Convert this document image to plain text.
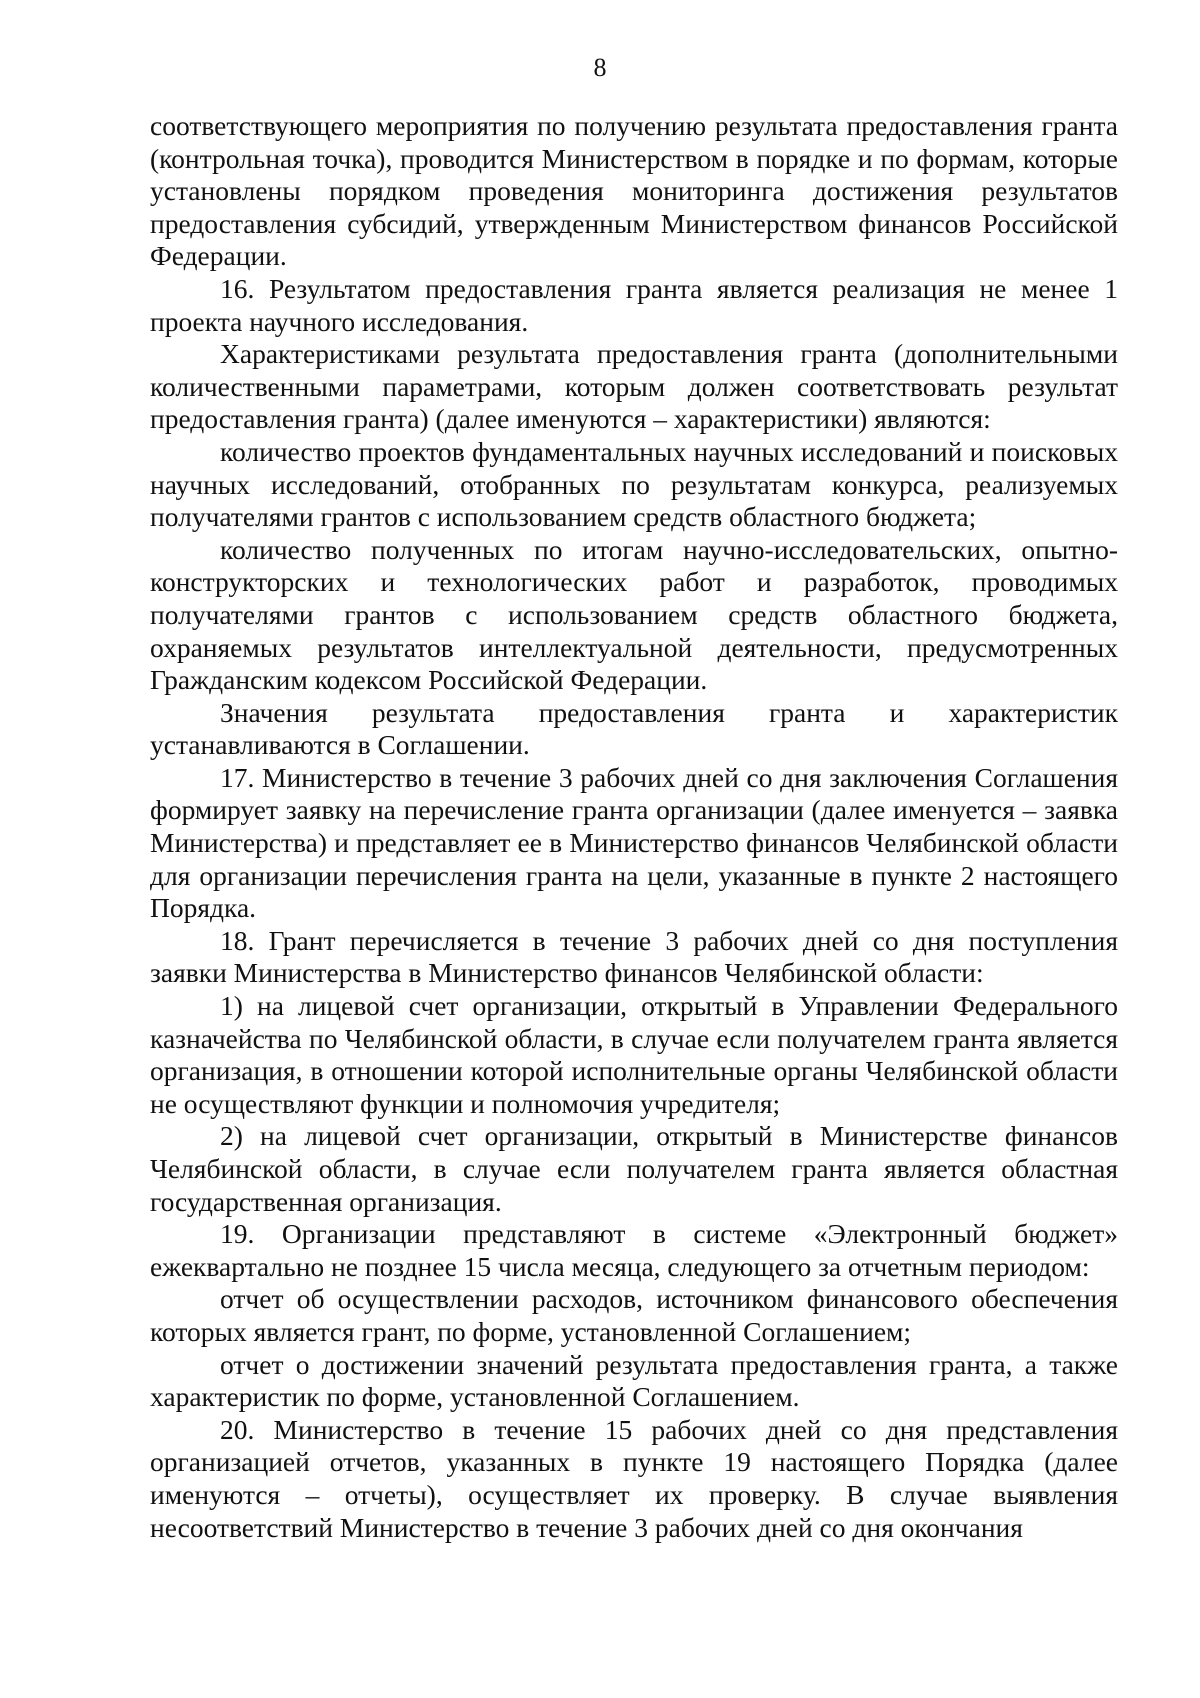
8

соответствующего мероприятия по получению результата предоставления гранта (контрольная точка), проводится Министерством в порядке и по формам, которые установлены порядком проведения мониторинга достижения результатов предоставления субсидий, утвержденным Министерством финансов Российской Федерации.

16. Результатом предоставления гранта является реализация не менее 1 проекта научного исследования.

Характеристиками результата предоставления гранта (дополнительными количественными параметрами, которым должен соответствовать результат предоставления гранта) (далее именуются – характеристики) являются:

количество проектов фундаментальных научных исследований и поисковых научных исследований, отобранных по результатам конкурса, реализуемых получателями грантов с использованием средств областного бюджета;

количество полученных по итогам научно-исследовательских, опытно-конструкторских и технологических работ и разработок, проводимых получателями грантов с использованием средств областного бюджета, охраняемых результатов интеллектуальной деятельности, предусмотренных Гражданским кодексом Российской Федерации.

Значения результата предоставления гранта и характеристик устанавливаются в Соглашении.

17. Министерство в течение 3 рабочих дней со дня заключения Соглашения формирует заявку на перечисление гранта организации (далее именуется – заявка Министерства) и представляет ее в Министерство финансов Челябинской области для организации перечисления гранта на цели, указанные в пункте 2 настоящего Порядка.

18. Грант перечисляется в течение 3 рабочих дней со дня поступления заявки Министерства в Министерство финансов Челябинской области:

1) на лицевой счет организации, открытый в Управлении Федерального казначейства по Челябинской области, в случае если получателем гранта является организация, в отношении которой исполнительные органы Челябинской области не осуществляют функции и полномочия учредителя;

2) на лицевой счет организации, открытый в Министерстве финансов Челябинской области, в случае если получателем гранта является областная государственная организация.

19. Организации представляют в системе «Электронный бюджет» ежеквартально не позднее 15 числа месяца, следующего за отчетным периодом:

отчет об осуществлении расходов, источником финансового обеспечения которых является грант, по форме, установленной Соглашением;

отчет о достижении значений результата предоставления гранта, а также характеристик по форме, установленной Соглашением.

20. Министерство в течение 15 рабочих дней со дня представления организацией отчетов, указанных в пункте 19 настоящего Порядка (далее именуются – отчеты), осуществляет их проверку. В случае выявления несоответствий Министерство в течение 3 рабочих дней со дня окончания
